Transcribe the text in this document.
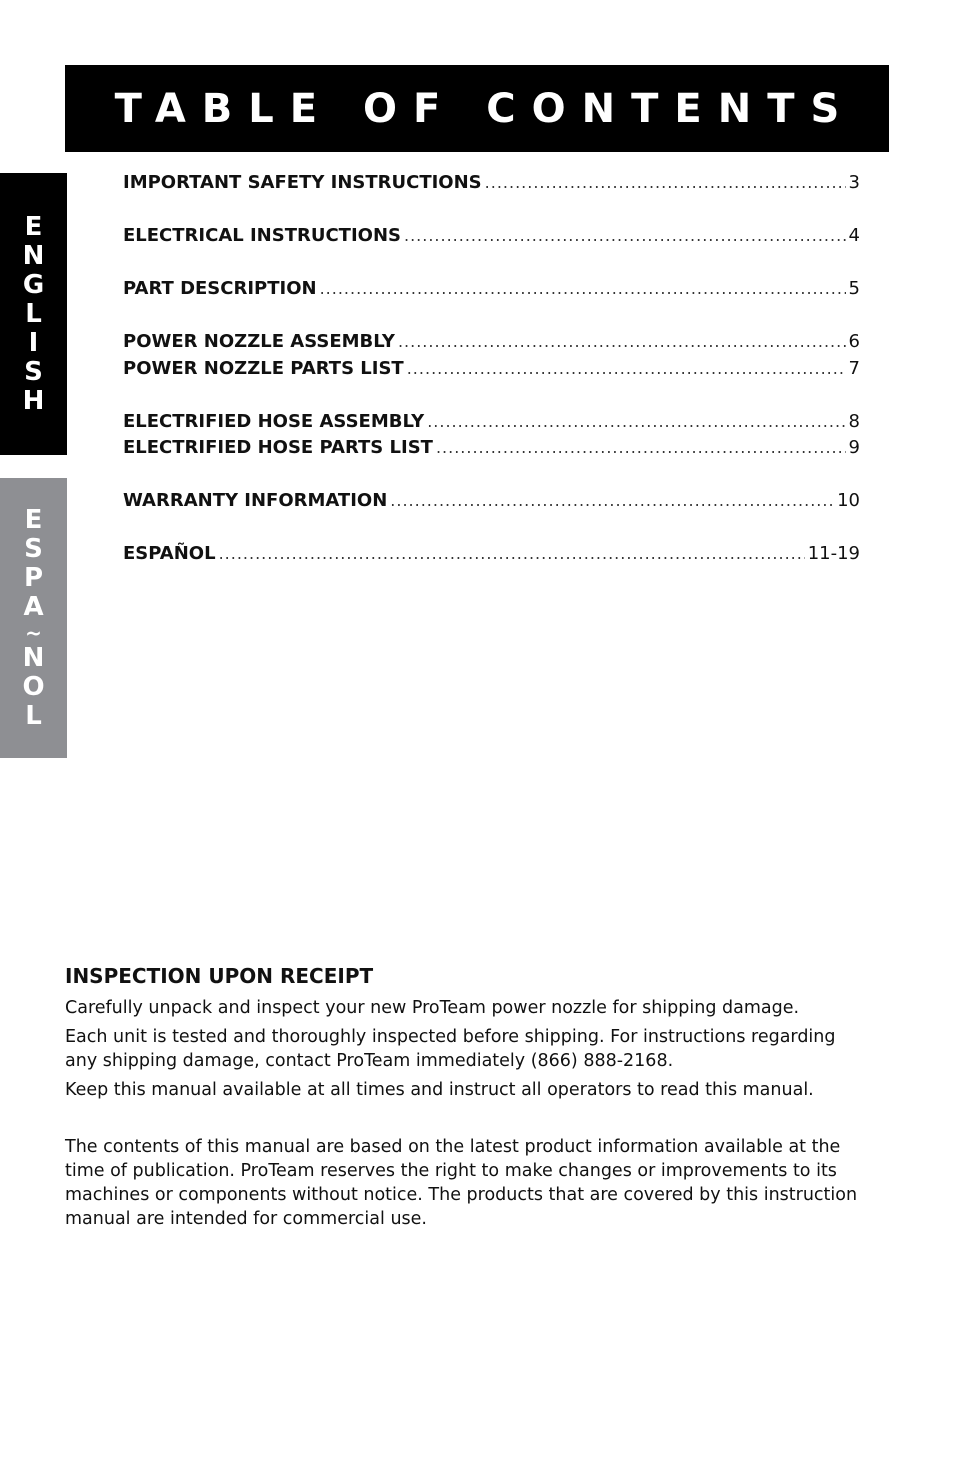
TABLE OF CONTENTS
E
N
G
L
I
S
H
E
S
P
A
~
N
O
L
IMPORTANT SAFETY INSTRUCTIONS .....	3
ELECTRICAL INSTRUCTIONS .....	4
PART DESCRIPTION .....	5
POWER NOZZLE ASSEMBLY .....	6
POWER NOZZLE PARTS LIST .....	7
ELECTRIFIED HOSE ASSEMBLY .....	8
ELECTRIFIED HOSE PARTS LIST .....	9
WARRANTY INFORMATION .....	10
ESPAÑOL .....	11-19
INSPECTION UPON RECEIPT

Carefully unpack and inspect your new ProTeam power nozzle for shipping damage.

Each unit is tested and thoroughly inspected before shipping. For instructions regarding any shipping damage, contact ProTeam immediately (866) 888-2168.

Keep this manual available at all times and instruct all operators to read this manual.

The contents of this manual are based on the latest product information available at the time of publication. ProTeam reserves the right to make changes or improvements to its machines or components without notice. The products that are covered by this instruction manual are intended for commercial use.
